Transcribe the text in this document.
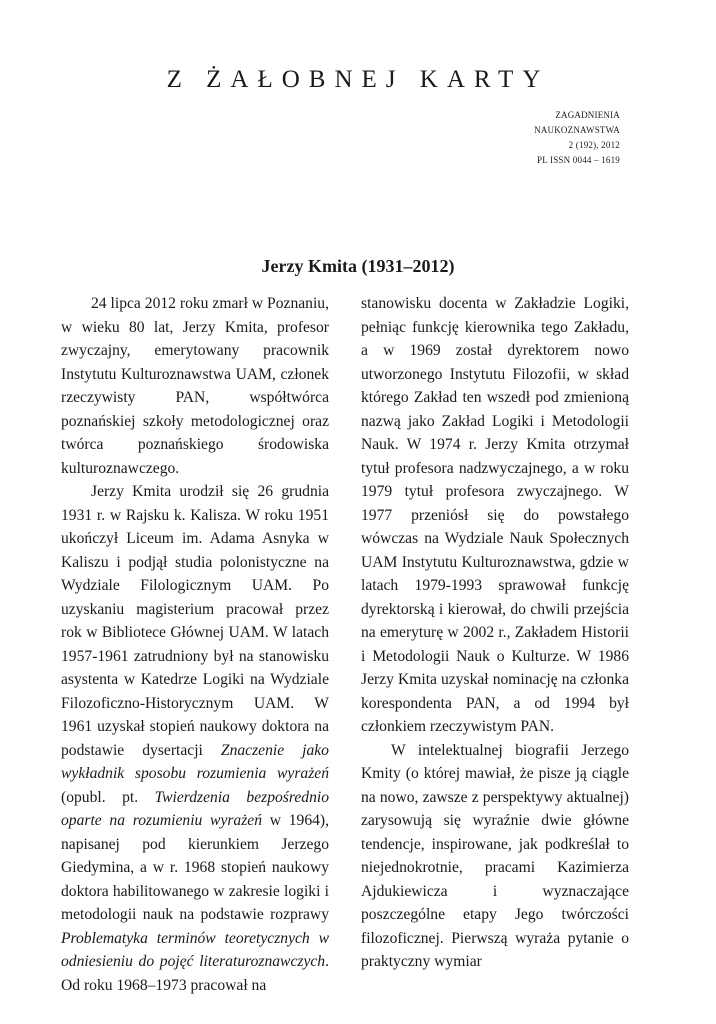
Z ŻAŁOBNEJ KARTY
ZAGADNIENIA
NAUKOZNAWSTWA
2 (192), 2012
PL ISSN 0044 – 1619
Jerzy Kmita (1931–2012)

24 lipca 2012 roku zmarł w Poznaniu, w wieku 80 lat, Jerzy Kmita, profesor zwyczajny, emerytowany pracownik Instytutu Kulturoznawstwa UAM, członek rzeczywisty PAN, współtwórca poznańskiej szkoły metodologicznej oraz twórca poznańskiego środowiska kulturoznawczego.

Jerzy Kmita urodził się 26 grudnia 1931 r. w Rajsku k. Kalisza. W roku 1951 ukończył Liceum im. Adama Asnyka w Kaliszu i podjął studia polonistyczne na Wydziale Filologicznym UAM. Po uzyskaniu magisterium pracował przez rok w Bibliotece Głównej UAM. W latach 1957-1961 zatrudniony był na stanowisku asystenta w Katedrze Logiki na Wydziale Filozoficzno-Historycznym UAM. W 1961 uzyskał stopień naukowy doktora na podstawie dysertacji Znaczenie jako wykładnik sposobu rozumienia wyrażeń (opubl. pt. Twierdzenia bezpośrednio oparte na rozumieniu wyrażeń w 1964), napisanej pod kierunkiem Jerzego Giedymina, a w r. 1968 stopień naukowy doktora habilitowanego w zakresie logiki i metodologii nauk na podstawie rozprawy Problematyka terminów teoretycznych w odniesieniu do pojęć literaturoznawczych. Od roku 1968–1973 pracował na

stanowisku docenta w Zakładzie Logiki, pełniąc funkcję kierownika tego Zakładu, a w 1969 został dyrektorem nowo utworzonego Instytutu Filozofii, w skład którego Zakład ten wszedł pod zmienioną nazwą jako Zakład Logiki i Metodologii Nauk. W 1974 r. Jerzy Kmita otrzymał tytuł profesora nadzwyczajnego, a w roku 1979 tytuł profesora zwyczajnego. W 1977 przeniósł się do powstałego wówczas na Wydziale Nauk Społecznych UAM Instytutu Kulturoznawstwa, gdzie w latach 1979-1993 sprawował funkcję dyrektorską i kierował, do chwili przejścia na emeryturę w 2002 r., Zakładem Historii i Metodologii Nauk o Kulturze. W 1986 Jerzy Kmita uzyskał nominację na członka korespondenta PAN, a od 1994 był członkiem rzeczywistym PAN.

W intelektualnej biografii Jerzego Kmity (o której mawiał, że pisze ją ciągle na nowo, zawsze z perspektywy aktualnej) zarysowują się wyraźnie dwie główne tendencje, inspirowane, jak podkreślał to niejednokrotnie, pracami Kazimierza Ajdukiewicza i wyznaczające poszczególne etapy Jego twórczości filozoficznej. Pierwszą wyraża pytanie o praktyczny wymiar
